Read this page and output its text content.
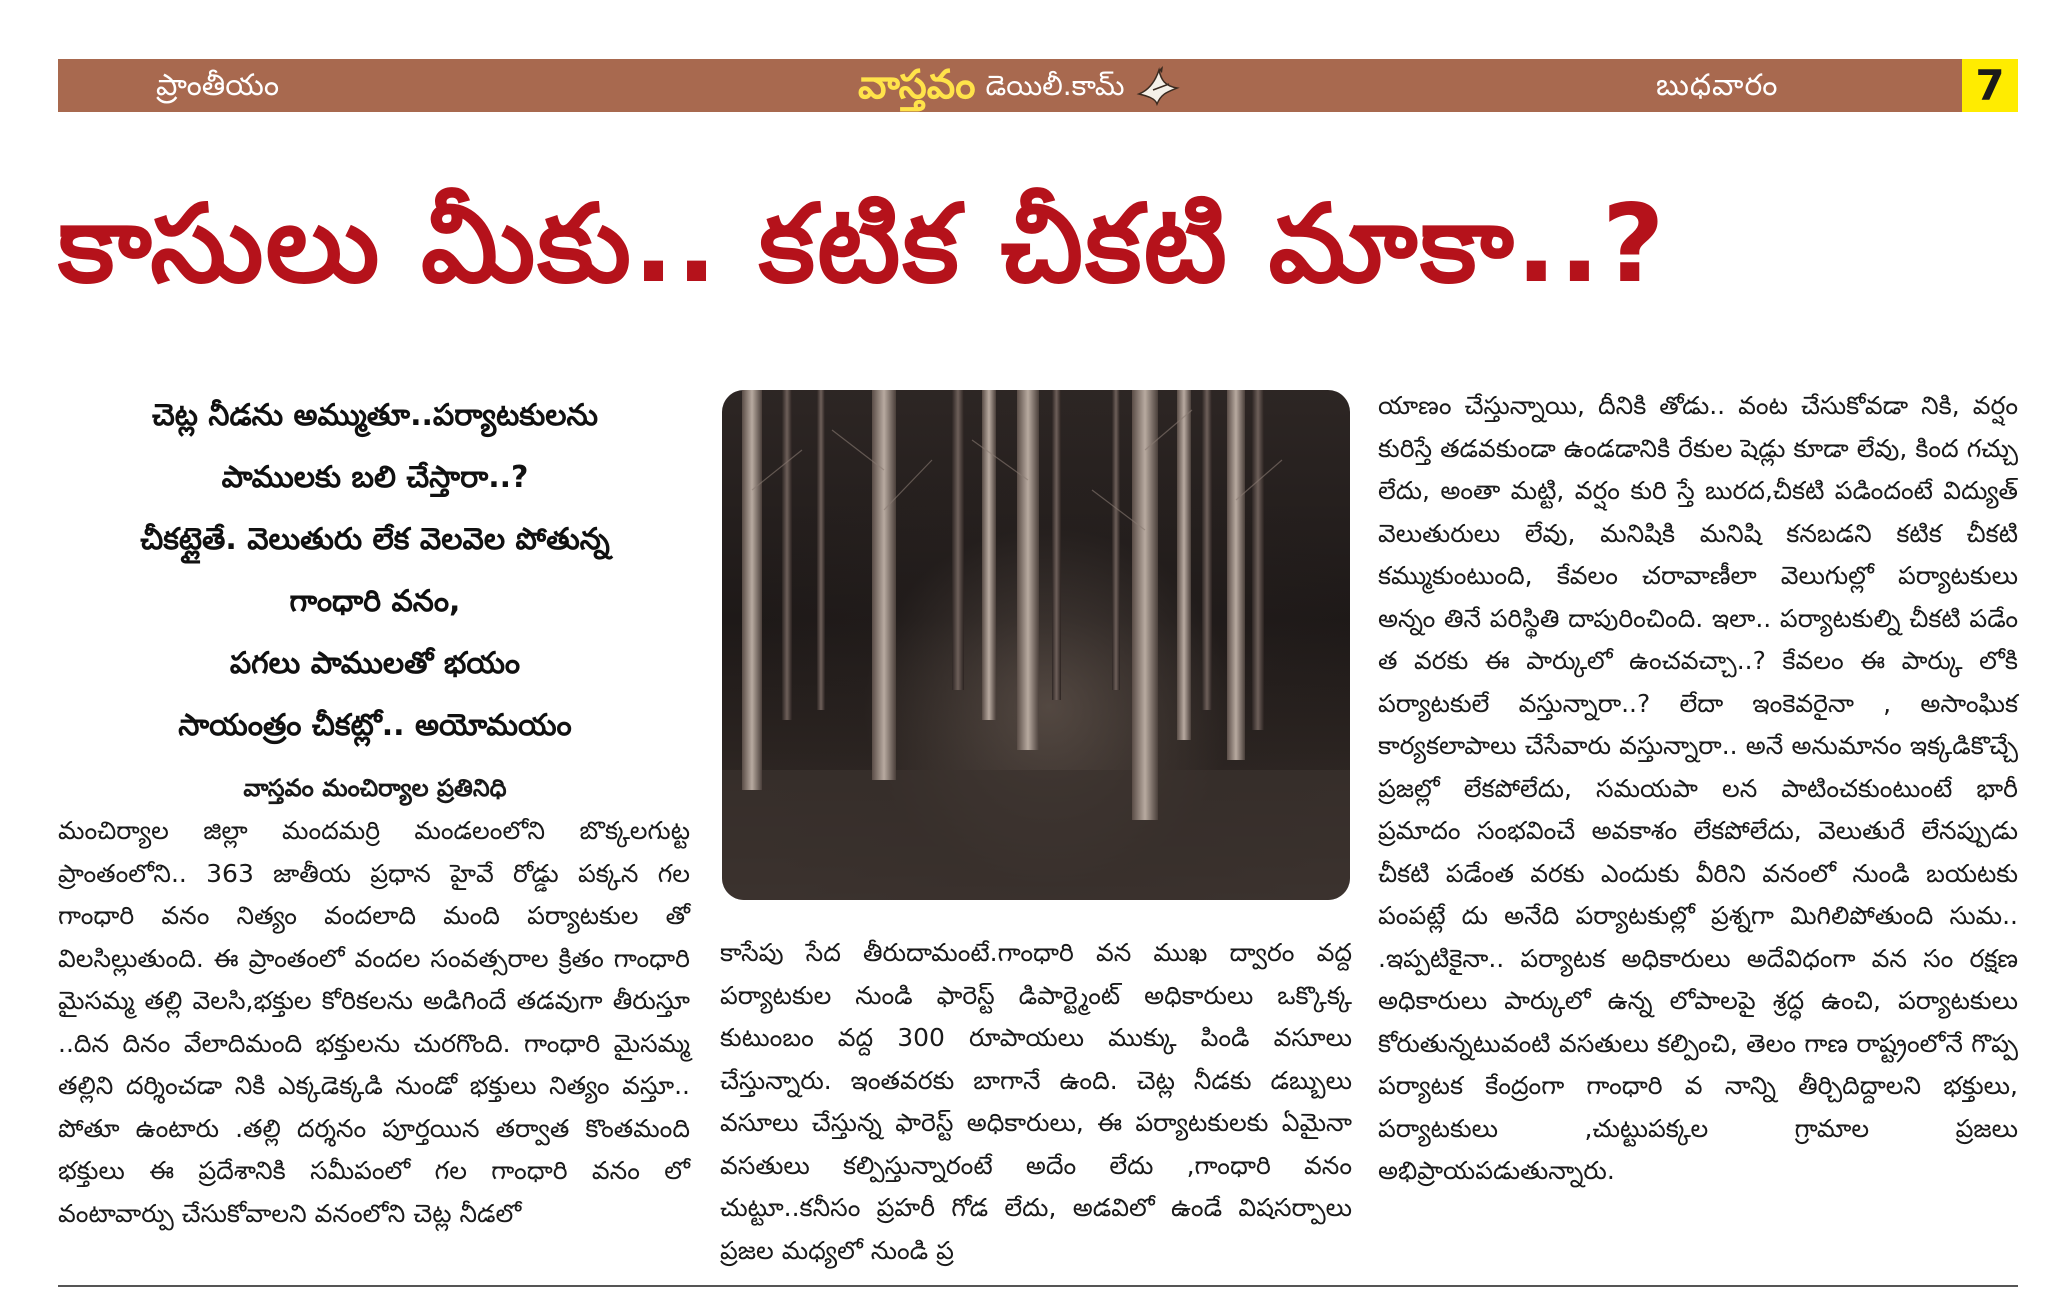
ప్రాంతీయం	వాస్తవం డెయిలీ.కామ్	బుధవారం 22.10.2025
7
కాసులు మీకు.. కటిక చీకటి మాకా..?
చెట్ల నీడను అమ్ముతూ..పర్యాటకులను
పాములకు బలి చేస్తారా..?
చీకట్లైతే. వెలుతురు లేక వెలవెల పోతున్న
గాంధారి వనం,
పగలు పాములతో భయం
సాయంత్రం చీకట్లో.. అయోమయం
వాస్తవం మంచిర్యాల ప్రతినిధి
మంచిర్యాల జిల్లా మందమర్రి మండలంలోని బొక్కలగుట్ట ప్రాంతంలోని.. 363 జాతీయ ప్రధాన హైవే రోడ్డు పక్కన గల గాంధారి వనం నిత్యం వందలాది మంది పర్యాటకుల తో విలసిల్లుతుంది. ఈ ప్రాంతంలో వందల సంవత్సరాల క్రితం గాంధారి మైసమ్మ తల్లి వెలసి,భక్తుల కోరికలను అడిగిందే తడవుగా తీరుస్తూ ..దిన దినం వేలాదిమంది భక్తులను చురగొంది. గాంధారి మైసమ్మ తల్లిని దర్శించడా నికి ఎక్కడెక్కడి నుండో భక్తులు నిత్యం వస్తూ.. పోతూ ఉంటారు .తల్లి దర్శనం పూర్తయిన తర్వాత కొంతమంది భక్తులు ఈ ప్రదేశానికి సమీపంలో గల గాంధారి వనం లో వంటావార్పు చేసుకోవాలని వనంలోని చెట్ల నీడలో
కాసేపు సేద తీరుదామంటే.గాంధారి వన ముఖ ద్వారం వద్ద పర్యాటకుల నుండి ఫారెస్ట్ డిపార్ట్మెంట్ అధికారులు ఒక్కొక్క కుటుంబం వద్ద 300 రూపాయలు ముక్కు పిండి వసూలు చేస్తున్నారు. ఇంతవరకు బాగానే ఉంది. చెట్ల నీడకు డబ్బులు వసూలు చేస్తున్న ఫారెస్ట్ అధికారులు, ఈ పర్యాటకులకు ఏమైనా వసతులు కల్పిస్తున్నారంటే అదేం లేదు ,గాంధారి వనం చుట్టూ..కనీసం ప్రహరీ గోడ లేదు, అడవిలో ఉండే విషసర్పాలు ప్రజల మధ్యలో నుండి ప్ర
యాణం చేస్తున్నాయి, దీనికి తోడు.. వంట చేసుకోవడా నికి, వర్షం కురిస్తే తడవకుండా ఉండడానికి రేకుల షెడ్లు కూడా లేవు, కింద గచ్చు లేదు, అంతా మట్టి, వర్షం కురి స్తే బురద,చీకటి పడిందంటే విద్యుత్ వెలుతురులు లేవు, మనిషికి మనిషి కనబడని కటిక చీకటి కమ్ముకుంటుంది, కేవలం చరావాణీలా వెలుగుల్లో పర్యాటకులు అన్నం తినే పరిస్థితి దాపురించింది. ఇలా.. పర్యాటకుల్ని చీకటి పడేం త వరకు ఈ పార్కులో ఉంచవచ్చా..? కేవలం ఈ పార్కు లోకి పర్యాటకులే వస్తున్నారా..? లేదా ఇంకెవరైనా , అసాంఘిక కార్యకలాపాలు చేసేవారు వస్తున్నారా.. అనే అనుమానం ఇక్కడికొచ్చే ప్రజల్లో లేకపోలేదు, సమయపా లన పాటించకుంటుంటే భారీ ప్రమాదం సంభవించే అవకాశం లేకపోలేదు, వెలుతురే లేనప్పుడు చీకటి పడేంత వరకు ఎందుకు వీరిని వనంలో నుండి బయటకు పంపట్లే దు అనేది పర్యాటకుల్లో ప్రశ్నగా మిగిలిపోతుంది సుమ.. .ఇప్పటికైనా.. పర్యాటక అధికారులు అదేవిధంగా వన సం రక్షణ అధికారులు పార్కులో ఉన్న లోపాలపై శ్రద్ధ ఉంచి, పర్యాటకులు కోరుతున్నటువంటి వసతులు కల్పించి, తెలం గాణ రాష్ట్రంలోనే గొప్ప పర్యాటక కేంద్రంగా గాంధారి వ నాన్ని తీర్చిదిద్దాలని భక్తులు, పర్యాటకులు ,చుట్టుపక్కల గ్రామాల ప్రజలు అభిప్రాయపడుతున్నారు.
